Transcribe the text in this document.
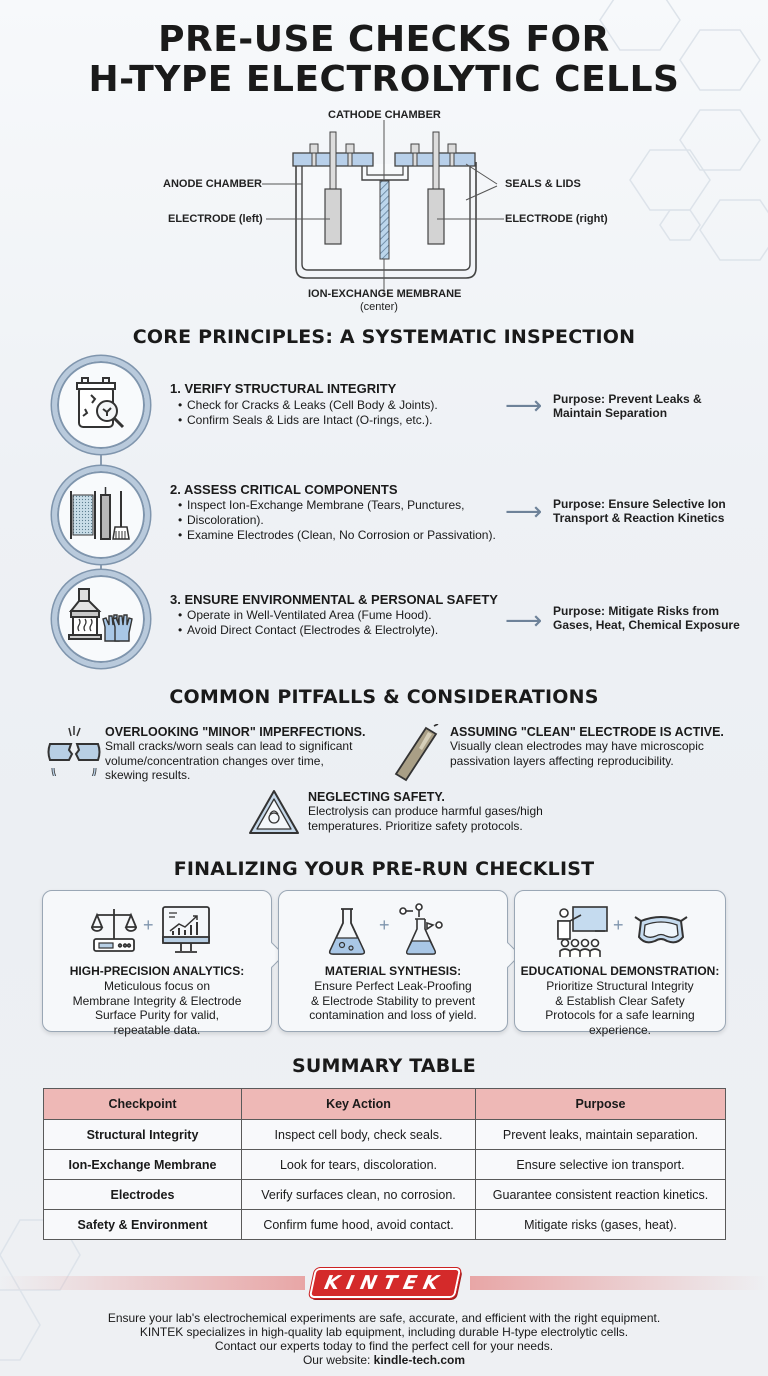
PRE-USE CHECKS FOR
H-TYPE ELECTROLYTIC CELLS
CATHODE CHAMBER
ANODE CHAMBER
ELECTRODE (left)	ELECTRODE (right)
SEALS & LIDS
ION-EXCHANGE MEMBRANE
(center)
CORE PRINCIPLES: A SYSTEMATIC INSPECTION
1. VERIFY STRUCTURAL INTEGRITY
• Check for Cracks & Leaks (Cell Body & Joints).
• Confirm Seals & Lids are Intact (O-rings, etc.).	⟶ Purpose: Prevent Leaks &
Maintain Separation
2. ASSESS CRITICAL COMPONENTS
• Inspect Ion-Exchange Membrane (Tears, Punctures,
• Discoloration).
• Examine Electrodes (Clean, No Corrosion or Passivation).
⟶ Purpose: Ensure Selective Ion
Transport & Reaction Kinetics
3. ENSURE ENVIRONMENTAL & PERSONAL SAFETY
• Operate in Well-Ventilated Area (Fume Hood).
• Avoid Direct Contact (Electrodes & Electrolyte).	⟶ Purpose: Mitigate Risks from
Gases, Heat, Chemical Exposure
COMMON PITFALLS & CONSIDERATIONS
OVERLOOKING "MINOR" IMPERFECTIONS.
Small cracks/worn seals can lead to significant
volume/concentration changes over time,
skewing results.
ASSUMING "CLEAN" ELECTRODE IS ACTIVE.
Visually clean electrodes may have microscopic
passivation layers affecting reproducibility.
NEGLECTING SAFETY.
Electrolysis can produce harmful gases/high
temperatures. Prioritize safety protocols.
FINALIZING YOUR PRE-RUN CHECKLIST
+
HIGH-PRECISION ANALYTICS:
Meticulous focus on
Membrane Integrity & Electrode
Surface Purity for valid,
repeatable data.
+
MATERIAL SYNTHESIS:
Ensure Perfect Leak-Proofing
& Electrode Stability to prevent
contamination and loss of yield.
+
EDUCATIONAL DEMONSTRATION:
Prioritize Structural Integrity
& Establish Clear Safety
Protocols for a safe learning
experience.
SUMMARY TABLE
Checkpoint	Key Action	Purpose
Structural Integrity	Inspect cell body, check seals.	Prevent leaks, maintain separation.
Ion-Exchange Membrane	Look for tears, discoloration.	Ensure selective ion transport.
Electrodes	Verify surfaces clean, no corrosion.	Guarantee consistent reaction kinetics.
Safety & Environment	Confirm fume hood, avoid contact.	Mitigate risks (gases, heat).
KINTEK
Ensure your lab's electrochemical experiments are safe, accurate, and efficient with the right equipment.
KINTEK specializes in high-quality lab equipment, including durable H-type electrolytic cells.
Contact our experts today to find the perfect cell for your needs.
Our website: kindle-tech.com
